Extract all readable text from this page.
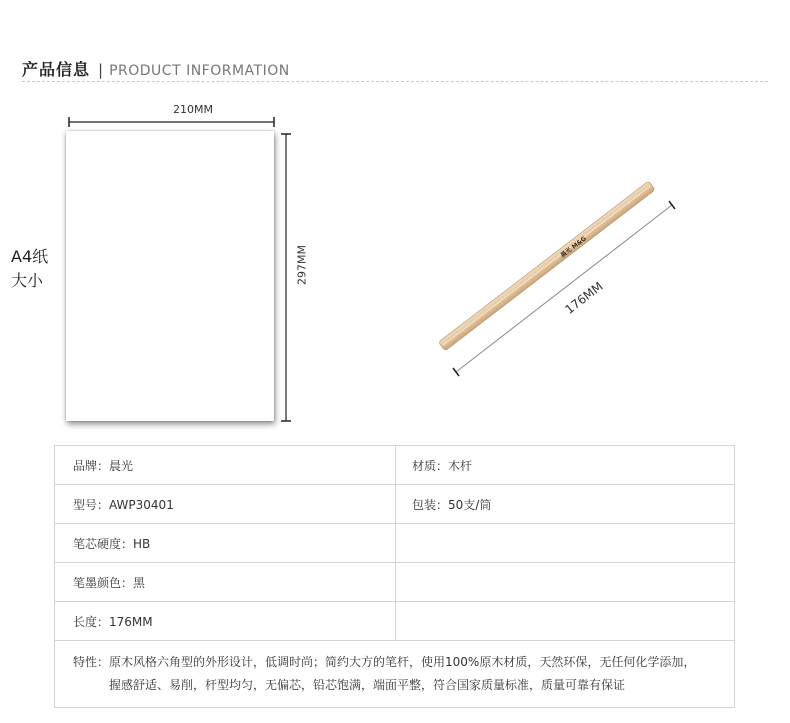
产品信息 | PRODUCT INFORMATION
210MM
297MM
A4纸
大小
晨光 M&G
176MM
品牌：晨光	材质：木杆
型号：AWP30401	包装：50支/筒
笔芯硬度：HB	
笔墨颜色：黑	
长度：176MM	

特性： 原木风格六角型的外形设计，低调时尚；简约大方的笔杆，使用100%原木材质，天然环保，无任何化学添加，
握感舒适、易削，杆型均匀，无偏芯，铅芯饱满，端面平整，符合国家质量标准，质量可靠有保证	
